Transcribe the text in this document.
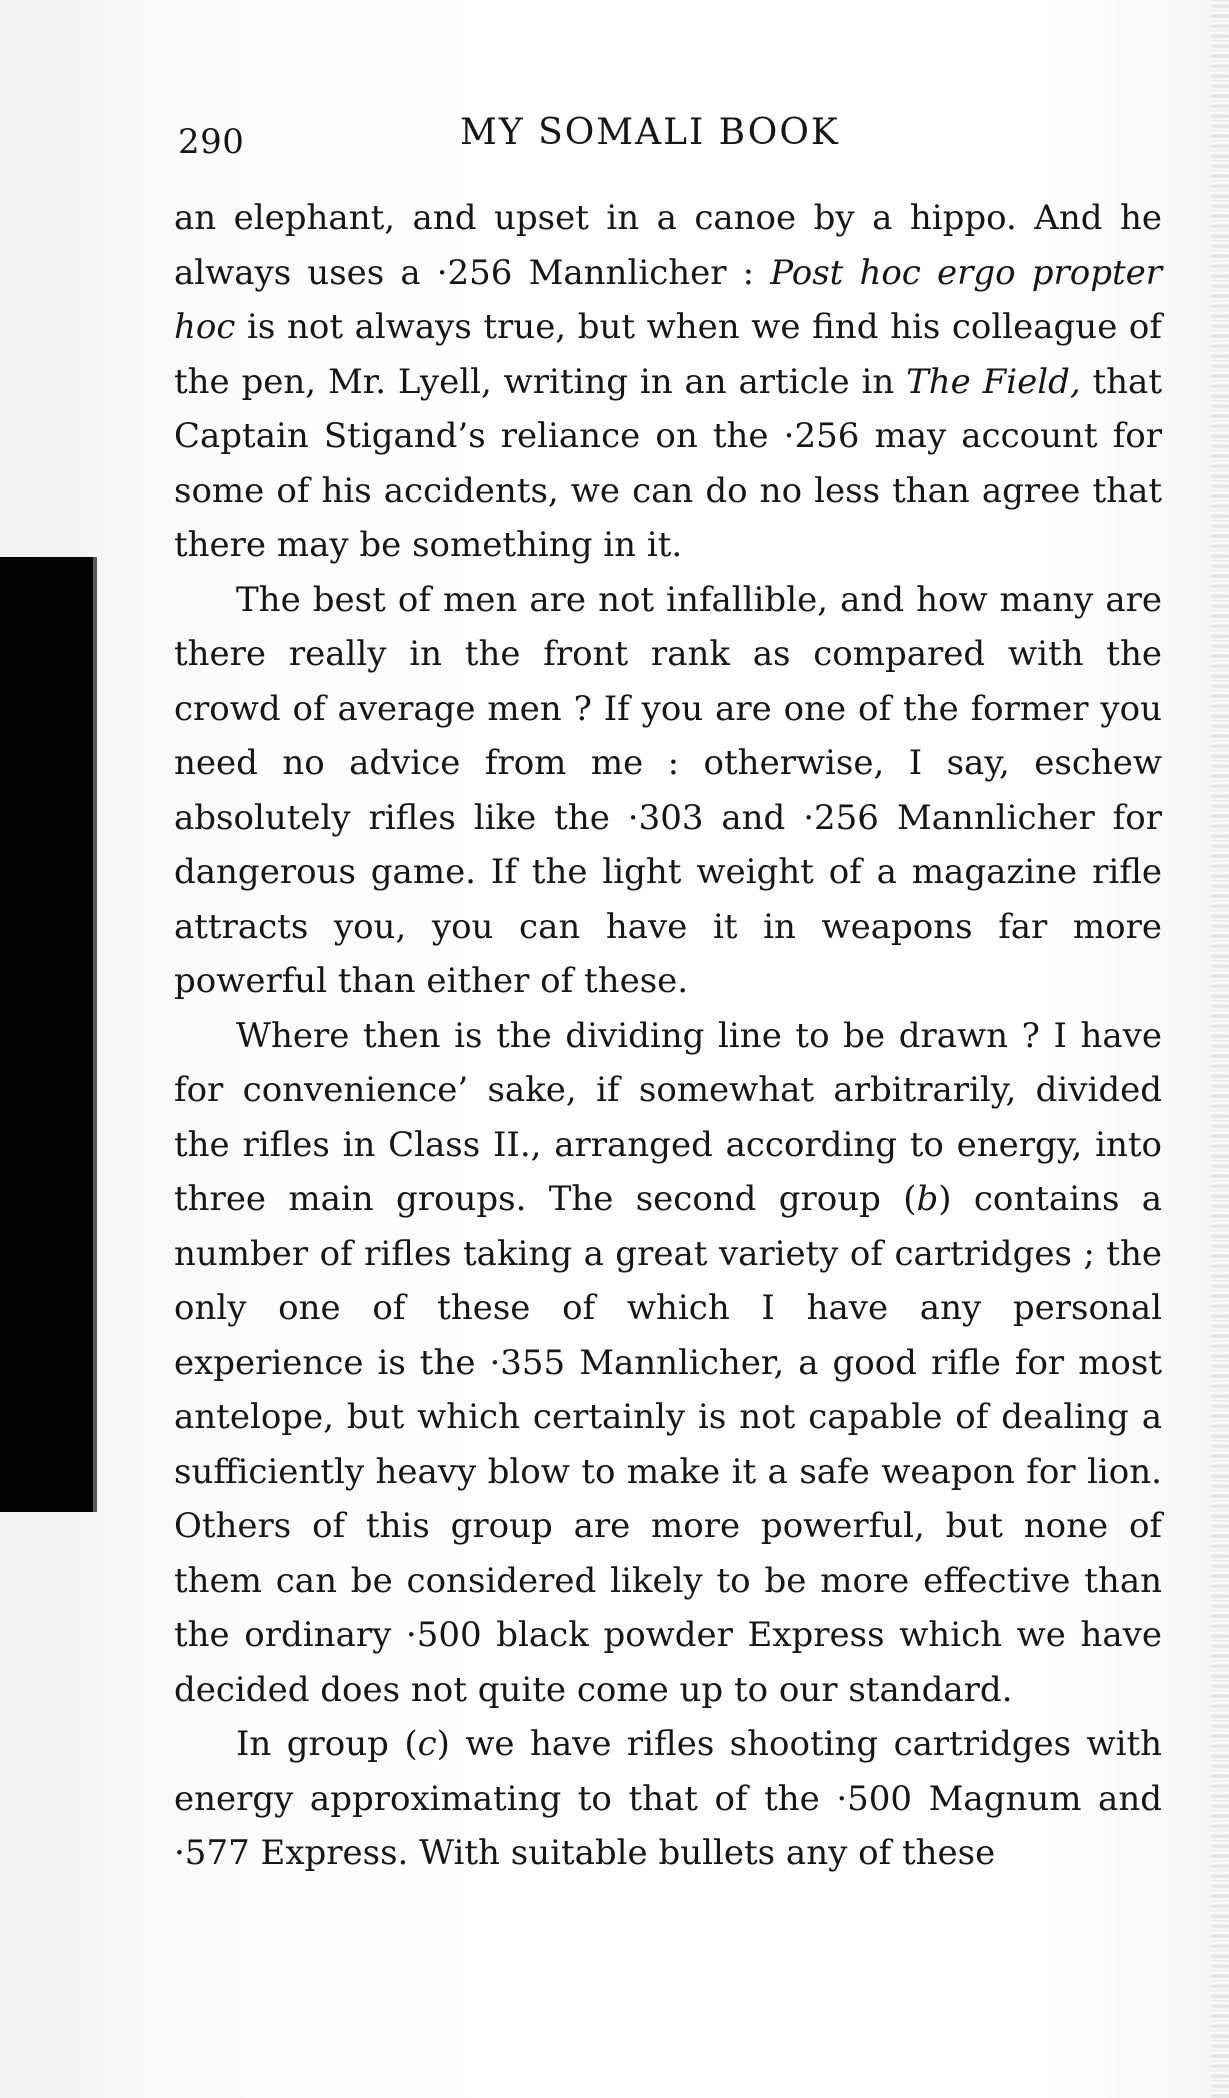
290	MY SOMALI BOOK

an elephant, and upset in a canoe by a hippo. And he always uses a ·256 Mannlicher : Post hoc ergo propter hoc is not always true, but when we find his colleague of the pen, Mr. Lyell, writing in an article in The Field, that Captain Stigand’s reliance on the ·256 may account for some of his accidents, we can do no less than agree that there may be something in it.

The best of men are not infallible, and how many are there really in the front rank as compared with the crowd of average men ? If you are one of the former you need no advice from me : otherwise, I say, eschew absolutely rifles like the ·303 and ·256 Mannlicher for dangerous game. If the light weight of a magazine rifle attracts you, you can have it in weapons far more powerful than either of these.

Where then is the dividing line to be drawn ? I have for convenience’ sake, if somewhat arbitrarily, divided the rifles in Class II., arranged according to energy, into three main groups. The second group (b) contains a number of rifles taking a great variety of cartridges ; the only one of these of which I have any personal experience is the ·355 Mannlicher, a good rifle for most antelope, but which certainly is not capable of dealing a sufficiently heavy blow to make it a safe weapon for lion. Others of this group are more powerful, but none of them can be considered likely to be more effective than the ordinary ·500 black powder Express which we have decided does not quite come up to our standard.

In group (c) we have rifles shooting cartridges with energy approximating to that of the ·500 Magnum and ·577 Express. With suitable bullets any of these
